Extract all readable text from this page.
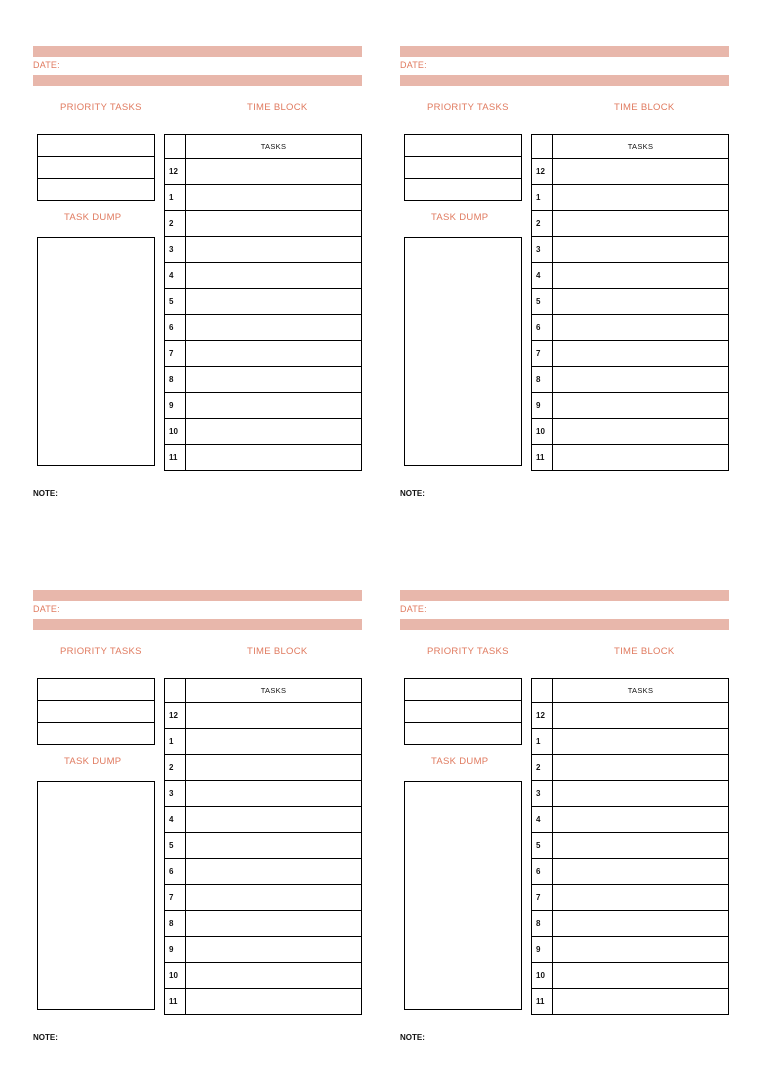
DATE:
PRIORITY TASKS	TIME BLOCK
TASK DUMP
TASKS
12
1
2
3
4
5
6
7
8
9
10
11
NOTE:
DATE:
PRIORITY TASKS	TIME BLOCK
TASK DUMP
TASKS
12
1
2
3
4
5
6
7
8
9
10
11
NOTE:
DATE:
PRIORITY TASKS	TIME BLOCK
TASK DUMP
TASKS
12
1
2
3
4
5
6
7
8
9
10
11
NOTE:
DATE:
PRIORITY TASKS	TIME BLOCK
TASK DUMP
TASKS
12
1
2
3
4
5
6
7
8
9
10
11
NOTE:
